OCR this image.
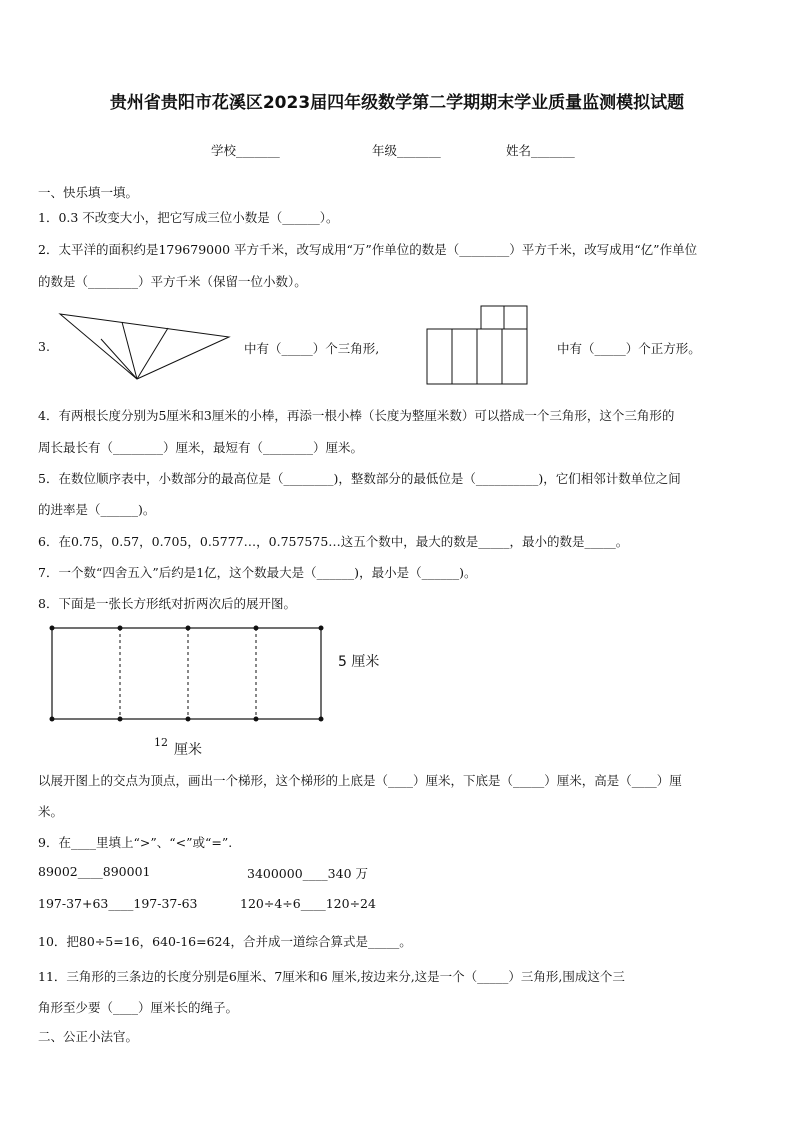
贵州省贵阳市花溪区2023届四年级数学第二学期期末学业质量监测模拟试题
学校_______	年级_______	姓名_______
一、快乐填一填。
1．0.3 不改变大小，把它写成三位小数是（______）。
2．太平洋的面积约是179679000 平方千米，改写成用“万”作单位的数是（________）平方千米，改写成用“亿”作单位
的数是（________）平方千米（保留一位小数）。
3.	中有（_____）个三角形,	中有（_____）个正方形。
4．有两根长度分别为5厘米和3厘米的小棒，再添一根小棒（长度为整厘米数）可以搭成一个三角形，这个三角形的
周长最长有（________）厘米，最短有（________）厘米。
5．在数位顺序表中，小数部分的最高位是（________)，整数部分的最低位是（__________)，它们相邻计数单位之间
的进率是（______)。
6．在0.75，0.57，0.705，0.5777…，0.757575…这五个数中，最大的数是_____，最小的数是_____。
7．一个数“四舍五入”后约是1亿，这个数最大是（______)，最小是（______)。
8．下面是一张长方形纸对折两次后的展开图。
5 厘米
12 厘米
以展开图上的交点为顶点，画出一个梯形，这个梯形的上底是（____）厘米，下底是（_____）厘米，高是（____）厘
米。
9．在____里填上“>”、“<”或“=”.
89002____890001	3400000____340 万
197-37+63____197-37-63	120÷4÷6____120÷24
10．把80÷5=16，640-16=624，合并成一道综合算式是_____。
11．三角形的三条边的长度分别是6厘米、7厘米和6 厘米,按边来分,这是一个（_____）三角形,围成这个三
角形至少要（____）厘米长的绳子。
二、公正小法官。
